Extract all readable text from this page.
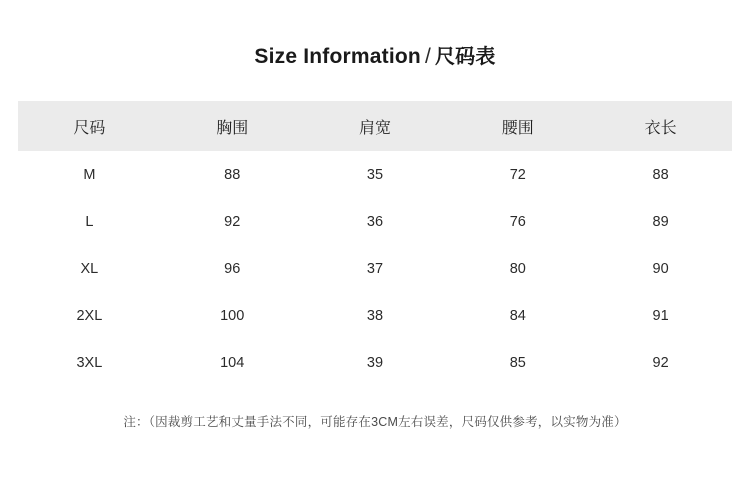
Size Information / 尺码表
尺码	胸围	肩宽	腰围	衣长
M	88	35	72	88
L	92	36	76	89
XL	96	37	80	90
2XL	100	38	84	91
3XL	104	39	85	92
注：（因裁剪工艺和丈量手法不同，可能存在3CM左右误差，尺码仅供参考，以实物为准）
